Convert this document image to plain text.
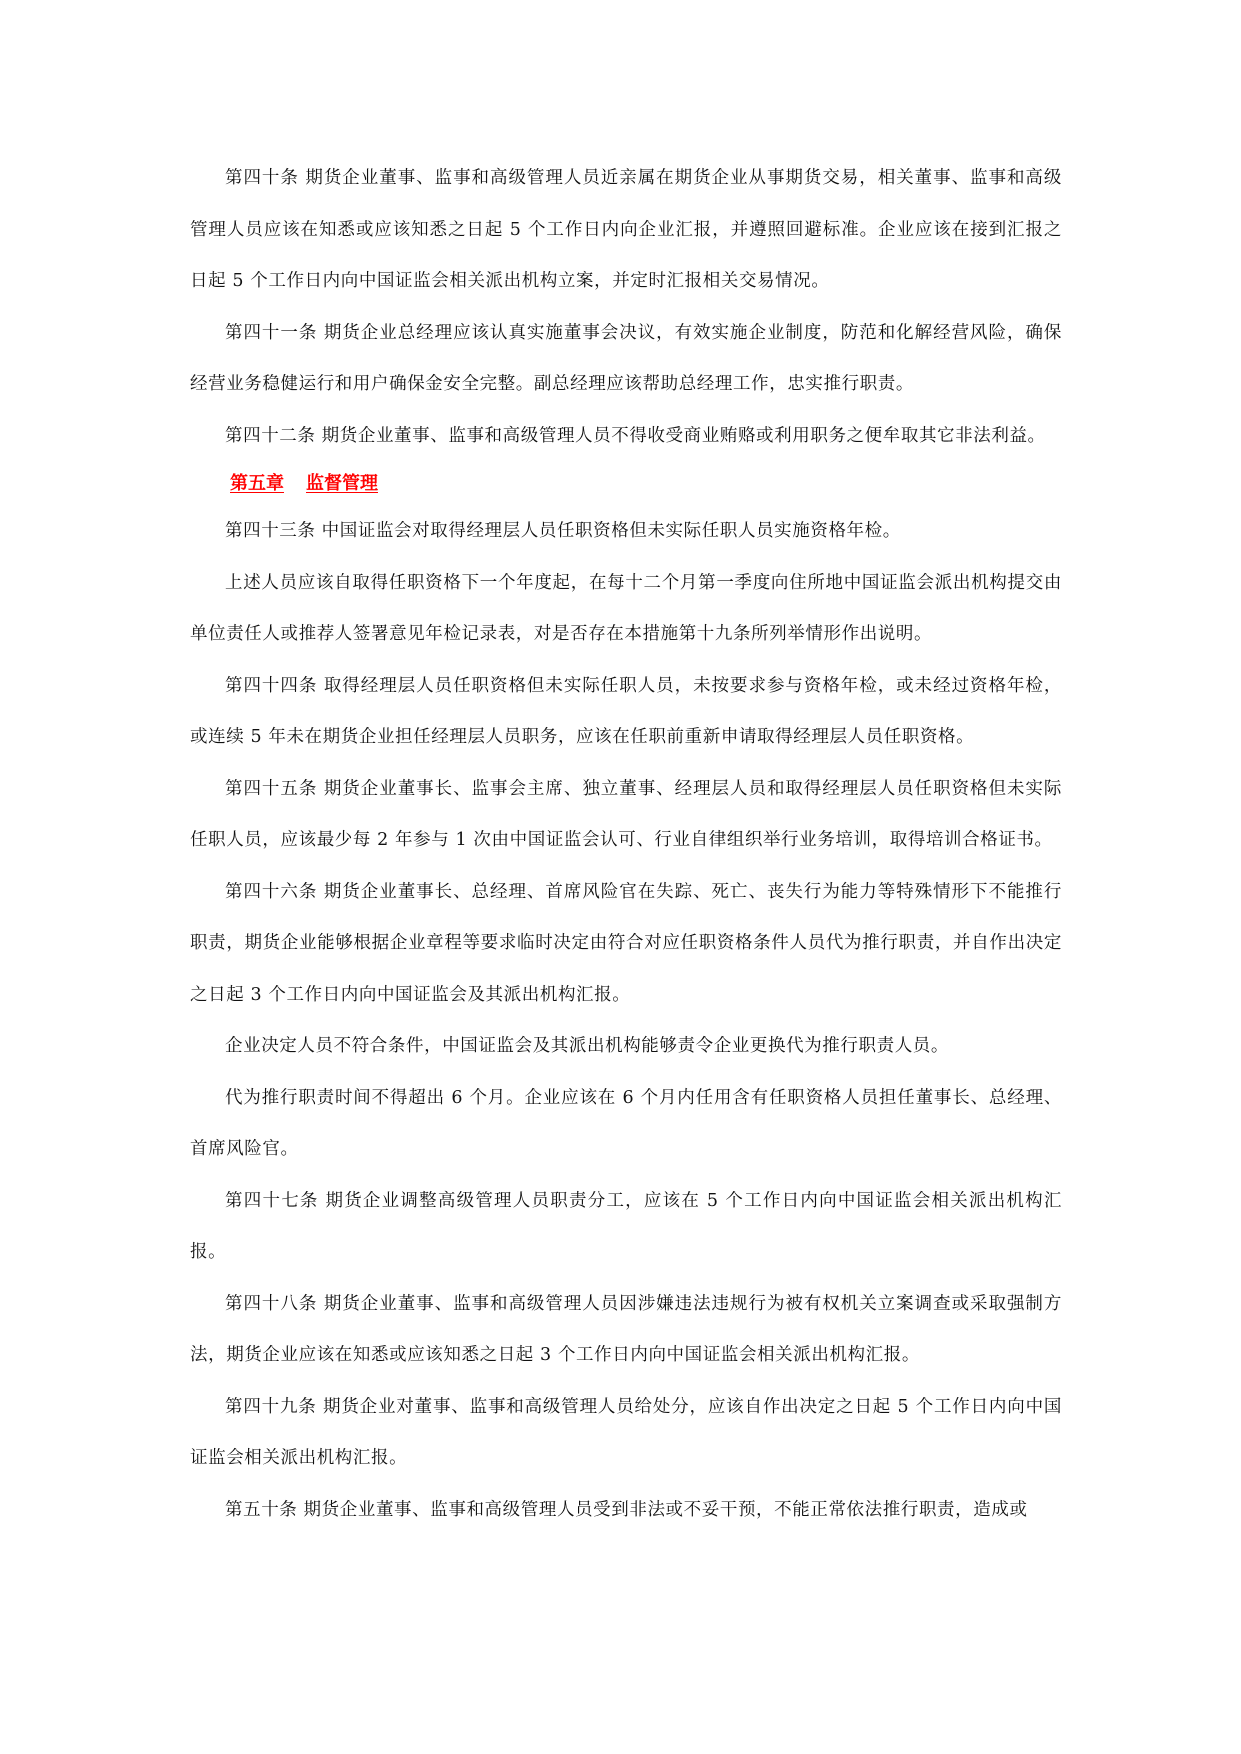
第四十条 期货企业董事、监事和高级管理人员近亲属在期货企业从事期货交易，相关董事、监事和高级管理人员应该在知悉或应该知悉之日起 5 个工作日内向企业汇报，并遵照回避标准。企业应该在接到汇报之日起 5 个工作日内向中国证监会相关派出机构立案，并定时汇报相关交易情况。

第四十一条 期货企业总经理应该认真实施董事会决议，有效实施企业制度，防范和化解经营风险，确保经营业务稳健运行和用户确保金安全完整。副总经理应该帮助总经理工作，忠实推行职责。

第四十二条 期货企业董事、监事和高级管理人员不得收受商业贿赂或利用职务之便牟取其它非法利益。

第五章 监督管理

第四十三条 中国证监会对取得经理层人员任职资格但未实际任职人员实施资格年检。

上述人员应该自取得任职资格下一个年度起，在每十二个月第一季度向住所地中国证监会派出机构提交由单位责任人或推荐人签署意见年检记录表，对是否存在本措施第十九条所列举情形作出说明。

第四十四条 取得经理层人员任职资格但未实际任职人员，未按要求参与资格年检，或未经过资格年检，或连续 5 年未在期货企业担任经理层人员职务，应该在任职前重新申请取得经理层人员任职资格。

第四十五条 期货企业董事长、监事会主席、独立董事、经理层人员和取得经理层人员任职资格但未实际任职人员，应该最少每 2 年参与 1 次由中国证监会认可、行业自律组织举行业务培训，取得培训合格证书。

第四十六条 期货企业董事长、总经理、首席风险官在失踪、死亡、丧失行为能力等特殊情形下不能推行职责，期货企业能够根据企业章程等要求临时决定由符合对应任职资格条件人员代为推行职责，并自作出决定之日起 3 个工作日内向中国证监会及其派出机构汇报。

企业决定人员不符合条件，中国证监会及其派出机构能够责令企业更换代为推行职责人员。

代为推行职责时间不得超出 6 个月。企业应该在 6 个月内任用含有任职资格人员担任董事长、总经理、首席风险官。

第四十七条 期货企业调整高级管理人员职责分工，应该在 5 个工作日内向中国证监会相关派出机构汇报。

第四十八条 期货企业董事、监事和高级管理人员因涉嫌违法违规行为被有权机关立案调查或采取强制方法，期货企业应该在知悉或应该知悉之日起 3 个工作日内向中国证监会相关派出机构汇报。

第四十九条 期货企业对董事、监事和高级管理人员给处分，应该自作出决定之日起 5 个工作日内向中国证监会相关派出机构汇报。

第五十条 期货企业董事、监事和高级管理人员受到非法或不妥干预，不能正常依法推行职责，造成或
